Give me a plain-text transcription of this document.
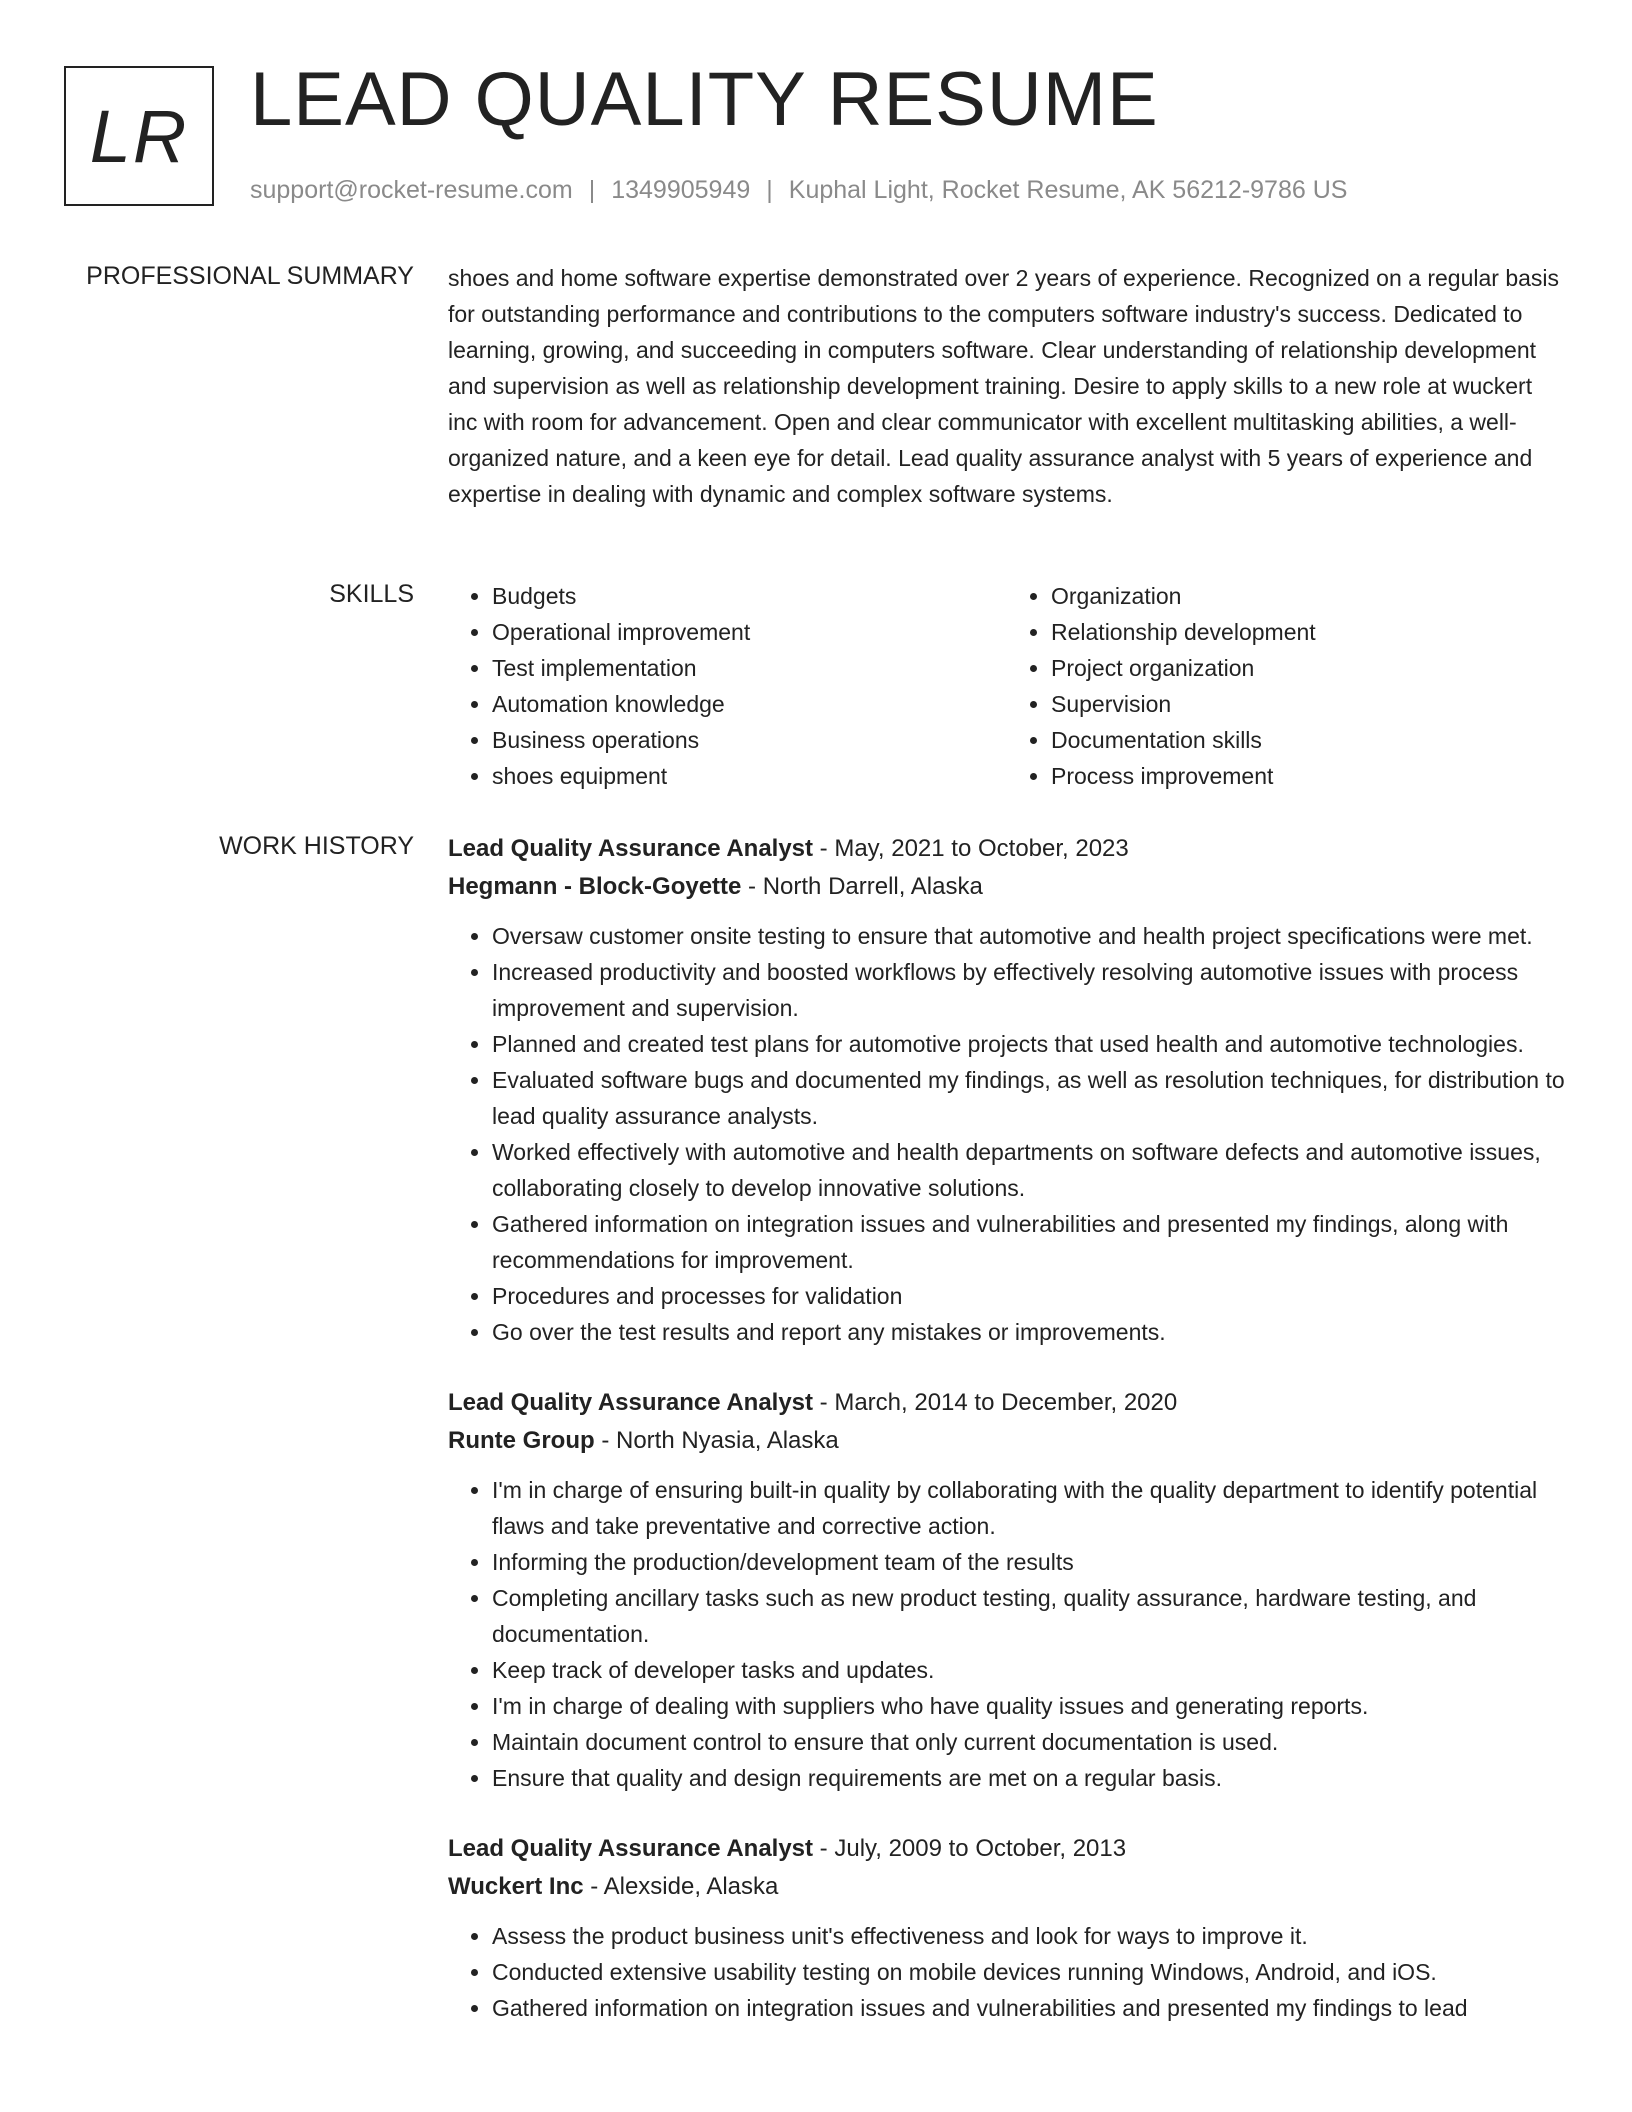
LR LEAD QUALITY RESUME
support@rocket-resume.com | 1349905949 | Kuphal Light, Rocket Resume, AK 56212-9786 US
PROFESSIONAL SUMMARY shoes and home software expertise demonstrated over 2 years of experience. Recognized on a regular basis for outstanding performance and contributions to the computers software industry's success. Dedicated to learning, growing, and succeeding in computers software. Clear understanding of relationship development and supervision as well as relationship development training. Desire to apply skills to a new role at wuckert inc with room for advancement. Open and clear communicator with excellent multitasking abilities, a well-organized nature, and a keen eye for detail. Lead quality assurance analyst with 5 years of experience and expertise in dealing with dynamic and complex software systems.

SKILLS
•	Budgets
• Operational improvement
• Test implementation
• Automation knowledge
• Business operations
• shoes equipment
• Organization
• Relationship development
• Project organization
• Supervision
• Documentation skills
• Process improvement
WORK HISTORY Lead Quality Assurance Analyst - May, 2021 to October, 2023
Hegmann - Block-Goyette - North Darrell, Alaska
• Oversaw customer onsite testing to ensure that automotive and health project specifications were met.
• Increased productivity and boosted workflows by effectively resolving automotive issues with process improvement and supervision.
• Planned and created test plans for automotive projects that used health and automotive technologies.
• Evaluated software bugs and documented my findings, as well as resolution techniques, for distribution to lead quality assurance analysts.
• Worked effectively with automotive and health departments on software defects and automotive issues, collaborating closely to develop innovative solutions.
• Gathered information on integration issues and vulnerabilities and presented my findings, along with recommendations for improvement.
• Procedures and processes for validation
• Go over the test results and report any mistakes or improvements.
Lead Quality Assurance Analyst - March, 2014 to December, 2020
Runte Group - North Nyasia, Alaska
• I'm in charge of ensuring built-in quality by collaborating with the quality department to identify potential flaws and take preventative and corrective action.
• Informing the production/development team of the results
• Completing ancillary tasks such as new product testing, quality assurance, hardware testing, and documentation.
• Keep track of developer tasks and updates.
• I'm in charge of dealing with suppliers who have quality issues and generating reports.
• Maintain document control to ensure that only current documentation is used.
• Ensure that quality and design requirements are met on a regular basis.
Lead Quality Assurance Analyst - July, 2009 to October, 2013
Wuckert Inc - Alexside, Alaska
• Assess the product business unit's effectiveness and look for ways to improve it.
• Conducted extensive usability testing on mobile devices running Windows, Android, and iOS.
• Gathered information on integration issues and vulnerabilities and presented my findings to lead
